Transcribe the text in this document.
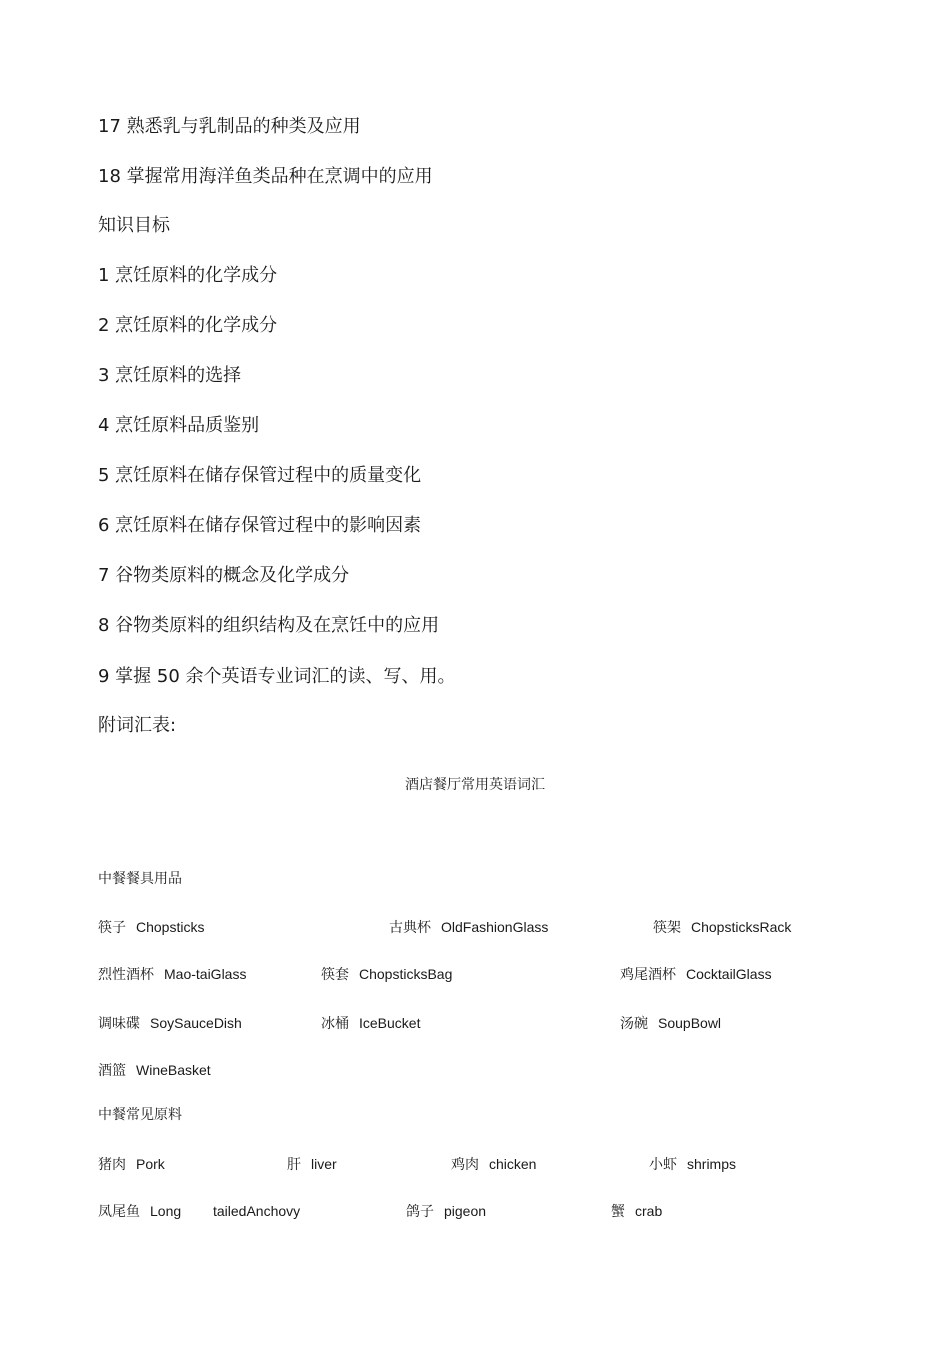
17 熟悉乳与乳制品的种类及应用
18 掌握常用海洋鱼类品种在烹调中的应用
知识目标
1 烹饪原料的化学成分
2 烹饪原料的化学成分
3 烹饪原料的选择
4 烹饪原料品质鉴别
5 烹饪原料在储存保管过程中的质量变化
6 烹饪原料在储存保管过程中的影响因素
7 谷物类原料的概念及化学成分
8 谷物类原料的组织结构及在烹饪中的应用
9 掌握 50 余个英语专业词汇的读、写、用。
附词汇表:
酒店餐厅常用英语词汇
中餐餐具用品
筷子 Chopsticks	古典杯 OldFashionGlass	筷架 ChopsticksRack
烈性酒杯 Mao-taiGlass	筷套 ChopsticksBag	鸡尾酒杯 CocktailGlass
调味碟 SoySauceDish	冰桶 IceBucket	汤碗 SoupBowl
酒篮 WineBasket
中餐常见原料
猪肉 Pork	肝 liver	鸡肉 chicken	小虾 shrimps
凤尾鱼 Long tailedAnchovy	鸽子 pigeon	蟹 crab
